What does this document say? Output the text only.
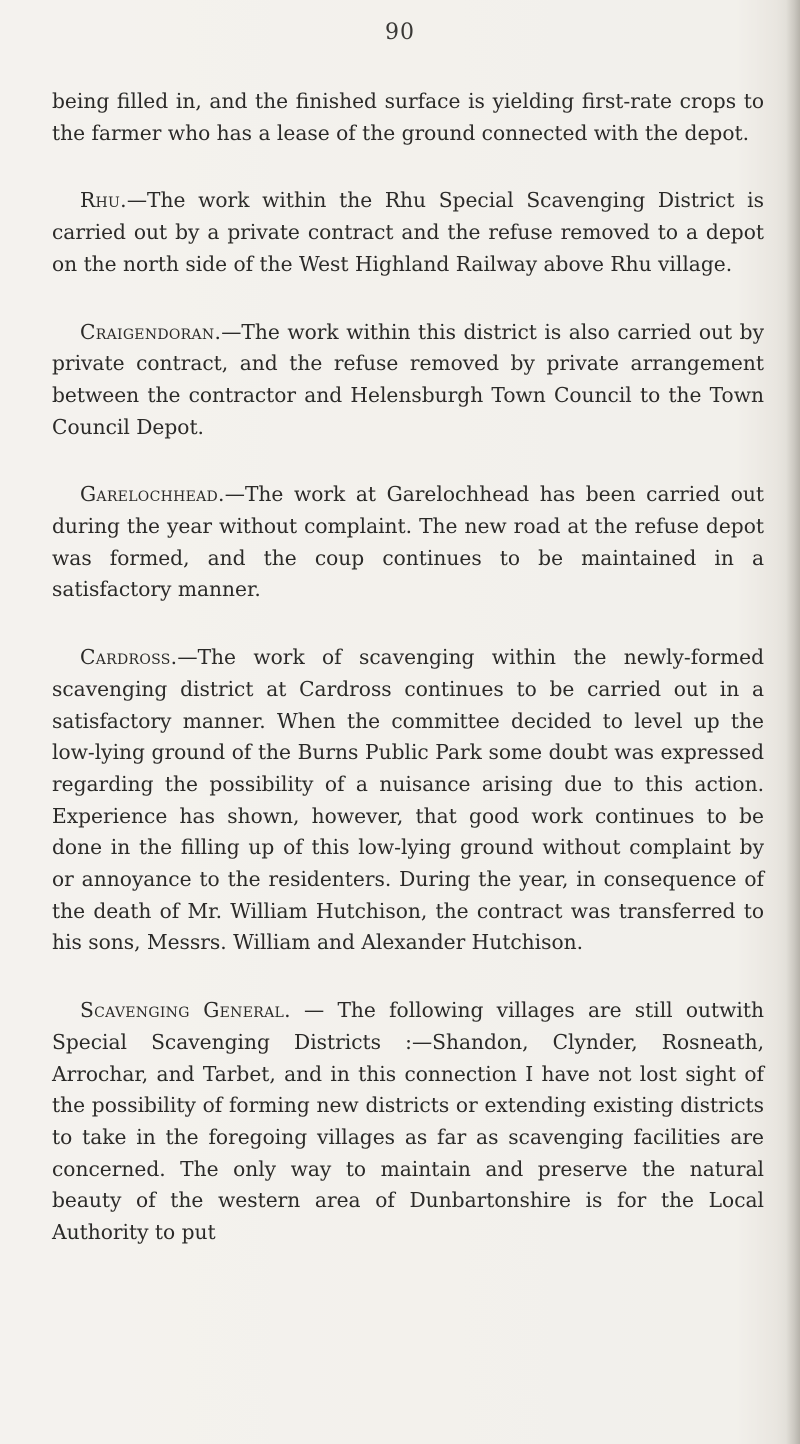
90

being filled in, and the finished surface is yielding first-rate crops to the farmer who has a lease of the ground connected with the depot.

Rhu.—The work within the Rhu Special Scavenging District is carried out by a private contract and the refuse removed to a depot on the north side of the West Highland Railway above Rhu village.

Craigendoran.—The work within this district is also carried out by private contract, and the refuse removed by private arrangement between the contractor and Helensburgh Town Council to the Town Council Depot.

Garelochhead.—The work at Garelochhead has been carried out during the year without complaint. The new road at the refuse depot was formed, and the coup continues to be maintained in a satisfactory manner.

Cardross.—The work of scavenging within the newly-formed scavenging district at Cardross continues to be carried out in a satisfactory manner. When the committee decided to level up the low-lying ground of the Burns Public Park some doubt was expressed regarding the possibility of a nuisance arising due to this action. Experience has shown, however, that good work continues to be done in the filling up of this low-lying ground without complaint by or annoyance to the residenters. During the year, in consequence of the death of Mr. William Hutchison, the contract was transferred to his sons, Messrs. William and Alexander Hutchison.

Scavenging General. — The following villages are still outwith Special Scavenging Districts :—Shandon, Clynder, Rosneath, Arrochar, and Tarbet, and in this connection I have not lost sight of the possibility of forming new districts or extending existing districts to take in the foregoing villages as far as scavenging facilities are concerned. The only way to maintain and preserve the natural beauty of the western area of Dunbartonshire is for the Local Authority to put
